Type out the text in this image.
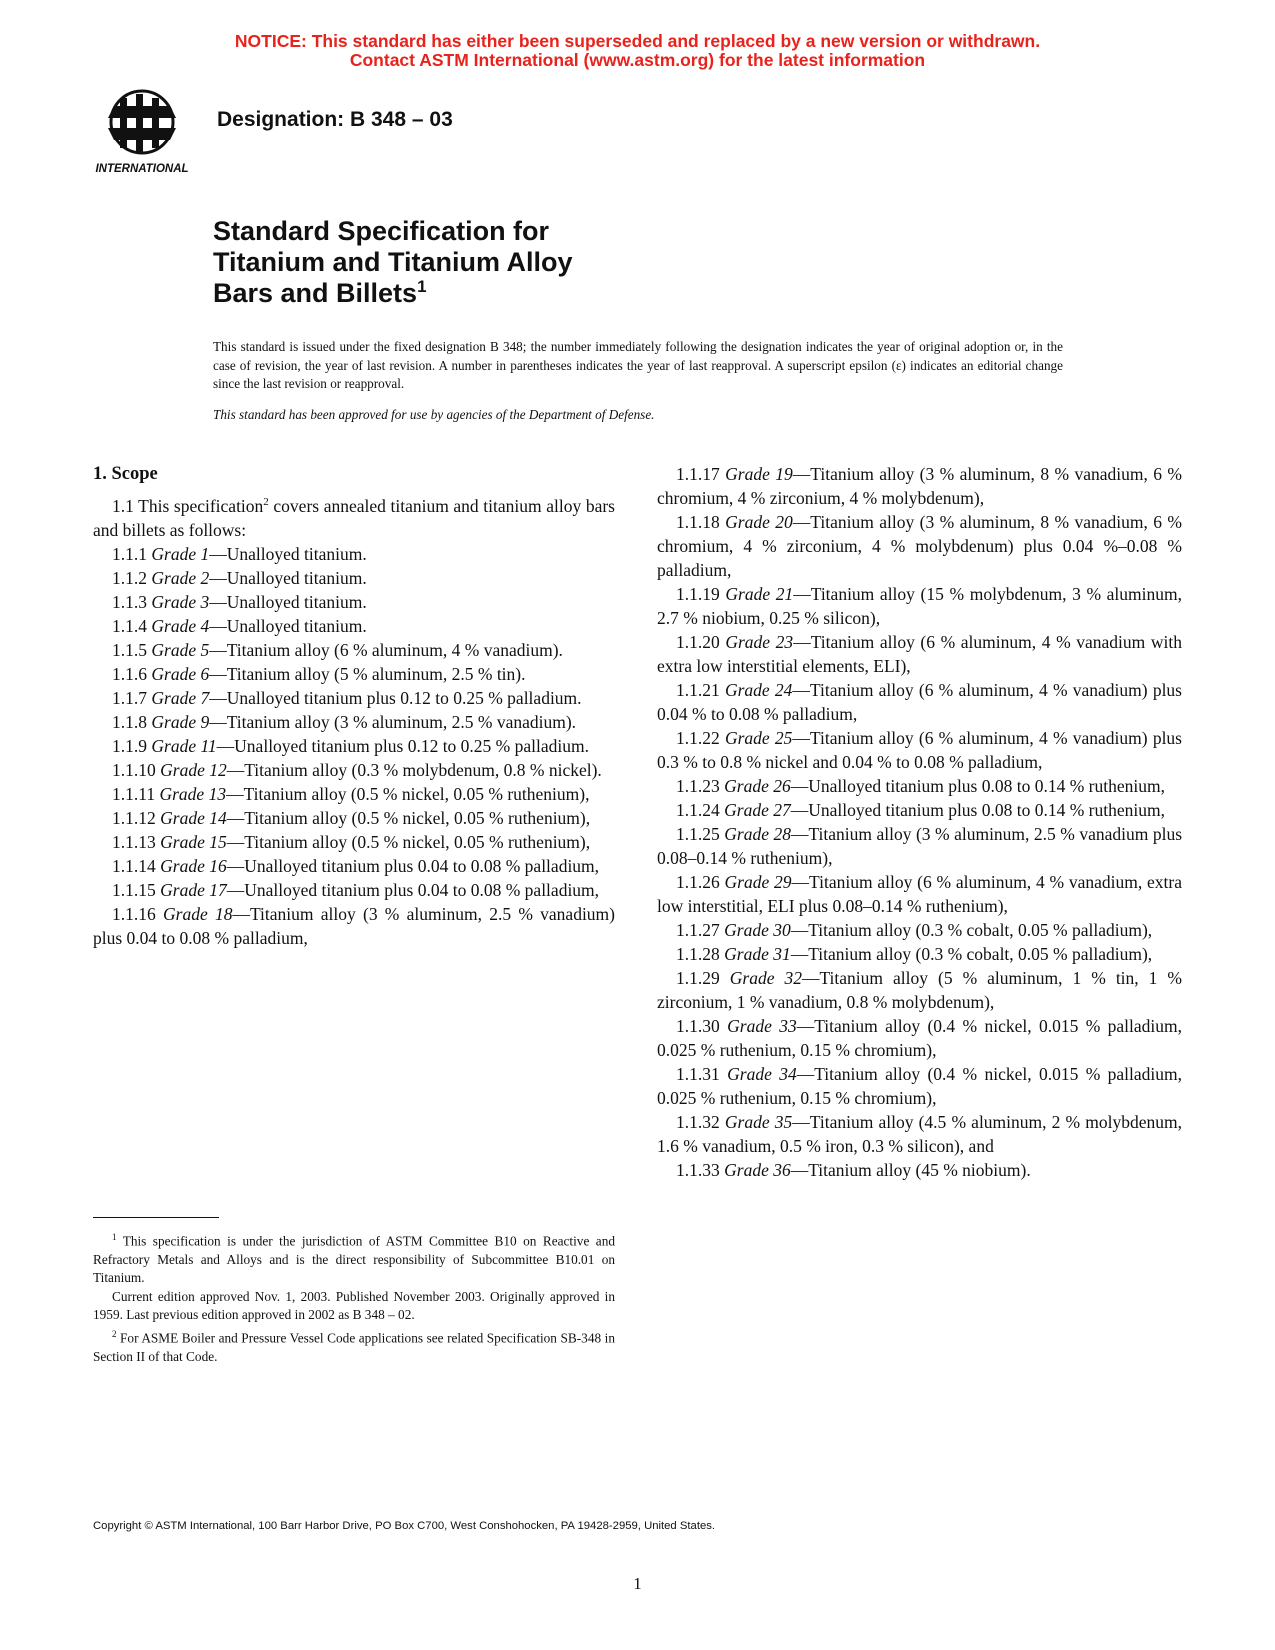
NOTICE: This standard has either been superseded and replaced by a new version or withdrawn.
Contact ASTM International (www.astm.org) for the latest information
INTERNATIONAL
Designation: B 348 – 03
Standard Specification for
Titanium and Titanium Alloy
Bars and Billets$^1$
This standard is issued under the fixed designation B 348; the number immediately following the designation indicates the year of original adoption or, in the case of revision, the year of last revision. A number in parentheses indicates the year of last reapproval. A superscript epsilon (ε) indicates an editorial change since the last revision or reapproval.
This standard has been approved for use by agencies of the Department of Defense.
1. Scope

1.1 This specification$^2$ covers annealed titanium and titanium alloy bars and billets as follows:

1.1.1 Grade 1—Unalloyed titanium.

1.1.2 Grade 2—Unalloyed titanium.

1.1.3 Grade 3—Unalloyed titanium.

1.1.4 Grade 4—Unalloyed titanium.

1.1.5 Grade 5—Titanium alloy (6 % aluminum, 4 % vanadium).

1.1.6 Grade 6—Titanium alloy (5 % aluminum, 2.5 % tin).

1.1.7 Grade 7—Unalloyed titanium plus 0.12 to 0.25 % palladium.

1.1.8 Grade 9—Titanium alloy (3 % aluminum, 2.5 % vanadium).

1.1.9 Grade 11—Unalloyed titanium plus 0.12 to 0.25 % palladium.

1.1.10 Grade 12—Titanium alloy (0.3 % molybdenum, 0.8 % nickel).

1.1.11 Grade 13—Titanium alloy (0.5 % nickel, 0.05 % ruthenium),

1.1.12 Grade 14—Titanium alloy (0.5 % nickel, 0.05 % ruthenium),

1.1.13 Grade 15—Titanium alloy (0.5 % nickel, 0.05 % ruthenium),

1.1.14 Grade 16—Unalloyed titanium plus 0.04 to 0.08 % palladium,

1.1.15 Grade 17—Unalloyed titanium plus 0.04 to 0.08 % palladium,

1.1.16 Grade 18—Titanium alloy (3 % aluminum, 2.5 % vanadium) plus 0.04 to 0.08 % palladium,

1.1.17 Grade 19—Titanium alloy (3 % aluminum, 8 % vanadium, 6 % chromium, 4 % zirconium, 4 % molybdenum),

1.1.18 Grade 20—Titanium alloy (3 % aluminum, 8 % vanadium, 6 % chromium, 4 % zirconium, 4 % molybdenum) plus 0.04 %–0.08 % palladium,

1.1.19 Grade 21—Titanium alloy (15 % molybdenum, 3 % aluminum, 2.7 % niobium, 0.25 % silicon),

1.1.20 Grade 23—Titanium alloy (6 % aluminum, 4 % vanadium with extra low interstitial elements, ELI),

1.1.21 Grade 24—Titanium alloy (6 % aluminum, 4 % vanadium) plus 0.04 % to 0.08 % palladium,

1.1.22 Grade 25—Titanium alloy (6 % aluminum, 4 % vanadium) plus 0.3 % to 0.8 % nickel and 0.04 % to 0.08 % palladium,

1.1.23 Grade 26—Unalloyed titanium plus 0.08 to 0.14 % ruthenium,

1.1.24 Grade 27—Unalloyed titanium plus 0.08 to 0.14 % ruthenium,

1.1.25 Grade 28—Titanium alloy (3 % aluminum, 2.5 % vanadium plus 0.08–0.14 % ruthenium),

1.1.26 Grade 29—Titanium alloy (6 % aluminum, 4 % vanadium, extra low interstitial, ELI plus 0.08–0.14 % ruthenium),

1.1.27 Grade 30—Titanium alloy (0.3 % cobalt, 0.05 % palladium),

1.1.28 Grade 31—Titanium alloy (0.3 % cobalt, 0.05 % palladium),

1.1.29 Grade 32—Titanium alloy (5 % aluminum, 1 % tin, 1 % zirconium, 1 % vanadium, 0.8 % molybdenum),

1.1.30 Grade 33—Titanium alloy (0.4 % nickel, 0.015 % palladium, 0.025 % ruthenium, 0.15 % chromium),

1.1.31 Grade 34—Titanium alloy (0.4 % nickel, 0.015 % palladium, 0.025 % ruthenium, 0.15 % chromium),

1.1.32 Grade 35—Titanium alloy (4.5 % aluminum, 2 % molybdenum, 1.6 % vanadium, 0.5 % iron, 0.3 % silicon), and

1.1.33 Grade 36—Titanium alloy (45 % niobium).

$^1$ This specification is under the jurisdiction of ASTM Committee B10 on Reactive and Refractory Metals and Alloys and is the direct responsibility of Subcommittee B10.01 on Titanium.

Current edition approved Nov. 1, 2003. Published November 2003. Originally approved in 1959. Last previous edition approved in 2002 as B 348 – 02.

$^2$ For ASME Boiler and Pressure Vessel Code applications see related Specification SB-348 in Section II of that Code.

Copyright © ASTM International, 100 Barr Harbor Drive, PO Box C700, West Conshohocken, PA 19428-2959, United States.
1
